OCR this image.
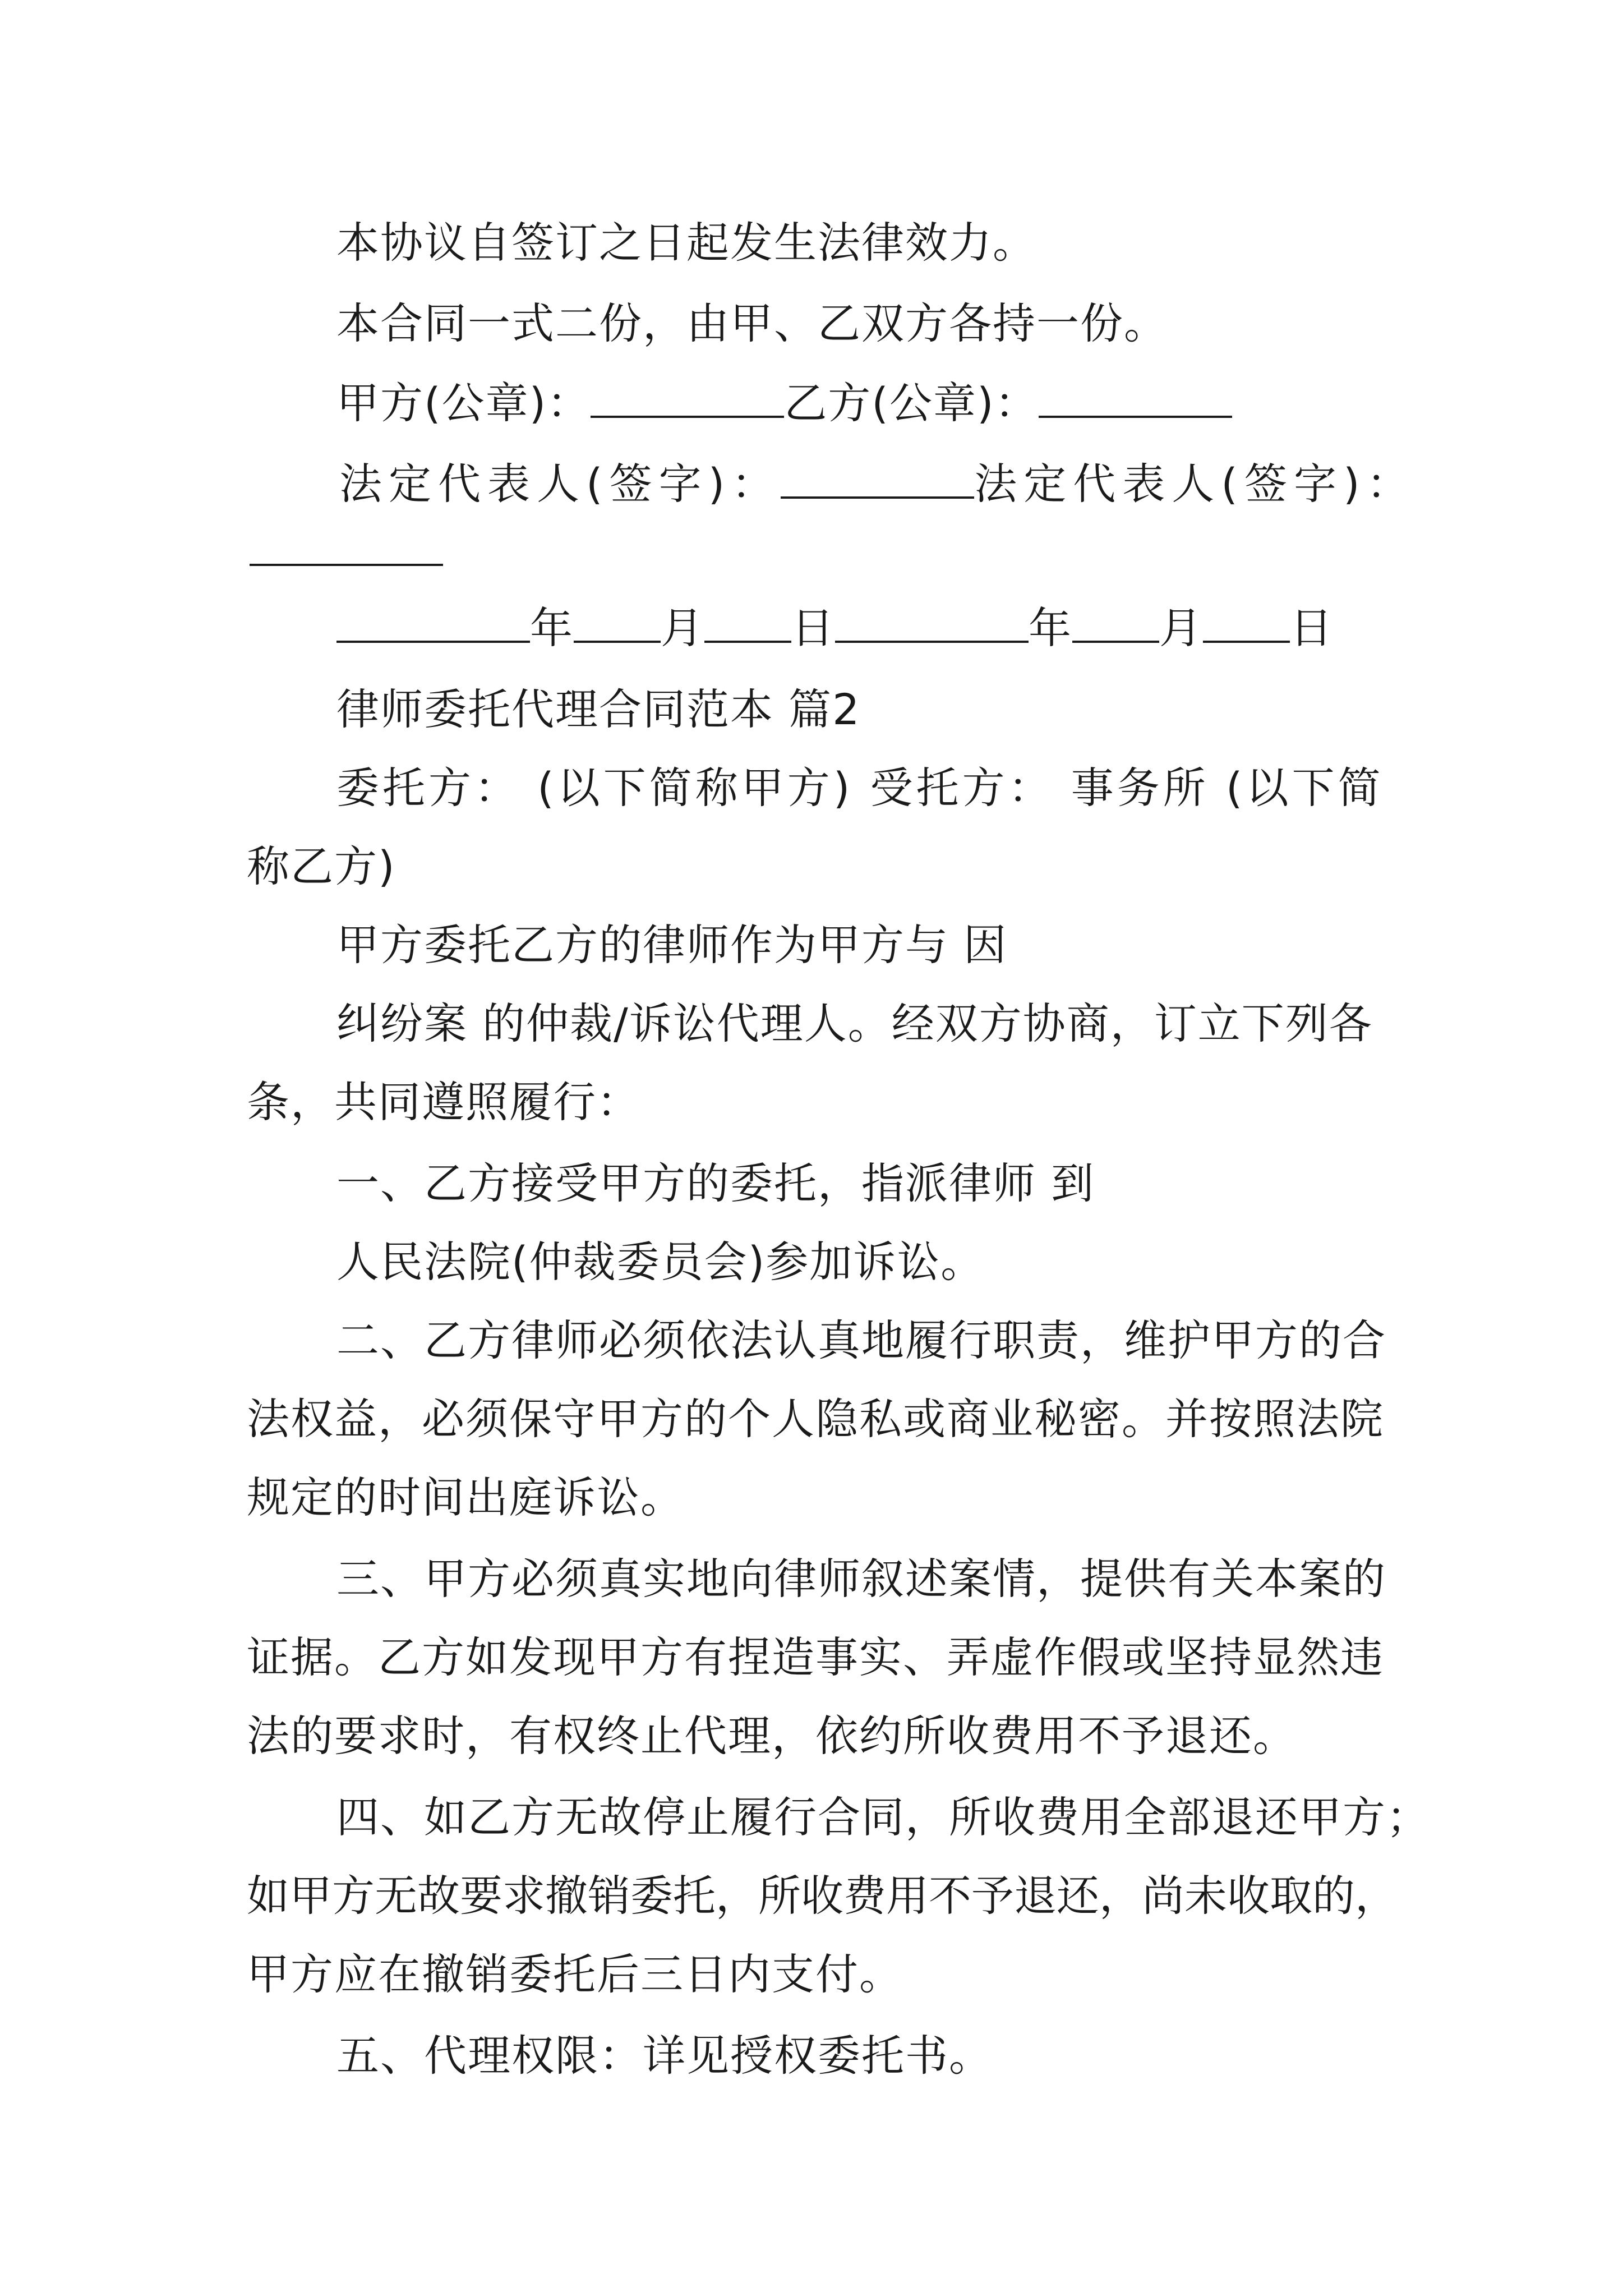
本协议自签订之日起发生法律效力。
本合同一式二份，由甲、乙双方各持一份。
甲方(公章)：	乙方(公章)：
法定代表人(签字)：	法定代表人(签字)：
年 月 日	年 月 日
律师委托代理合同范本 篇2
委托方： (以下简称甲方) 受托方： 事务所 (以下简
称乙方)
甲方委托乙方的律师作为甲方与 因
纠纷案 的仲裁/诉讼代理人。经双方协商，订立下列各
条，共同遵照履行：
一、乙方接受甲方的委托，指派律师 到
人民法院(仲裁委员会)参加诉讼。
二、乙方律师必须依法认真地履行职责，维护甲方的合
法权益，必须保守甲方的个人隐私或商业秘密。并按照法院
规定的时间出庭诉讼。
三、甲方必须真实地向律师叙述案情，提供有关本案的
证据。乙方如发现甲方有捏造事实、弄虚作假或坚持显然违
法的要求时，有权终止代理，依约所收费用不予退还。
四、如乙方无故停止履行合同，所收费用全部退还甲方；
如甲方无故要求撤销委托，所收费用不予退还，尚未收取的，
甲方应在撤销委托后三日内支付。
五、代理权限：详见授权委托书。
